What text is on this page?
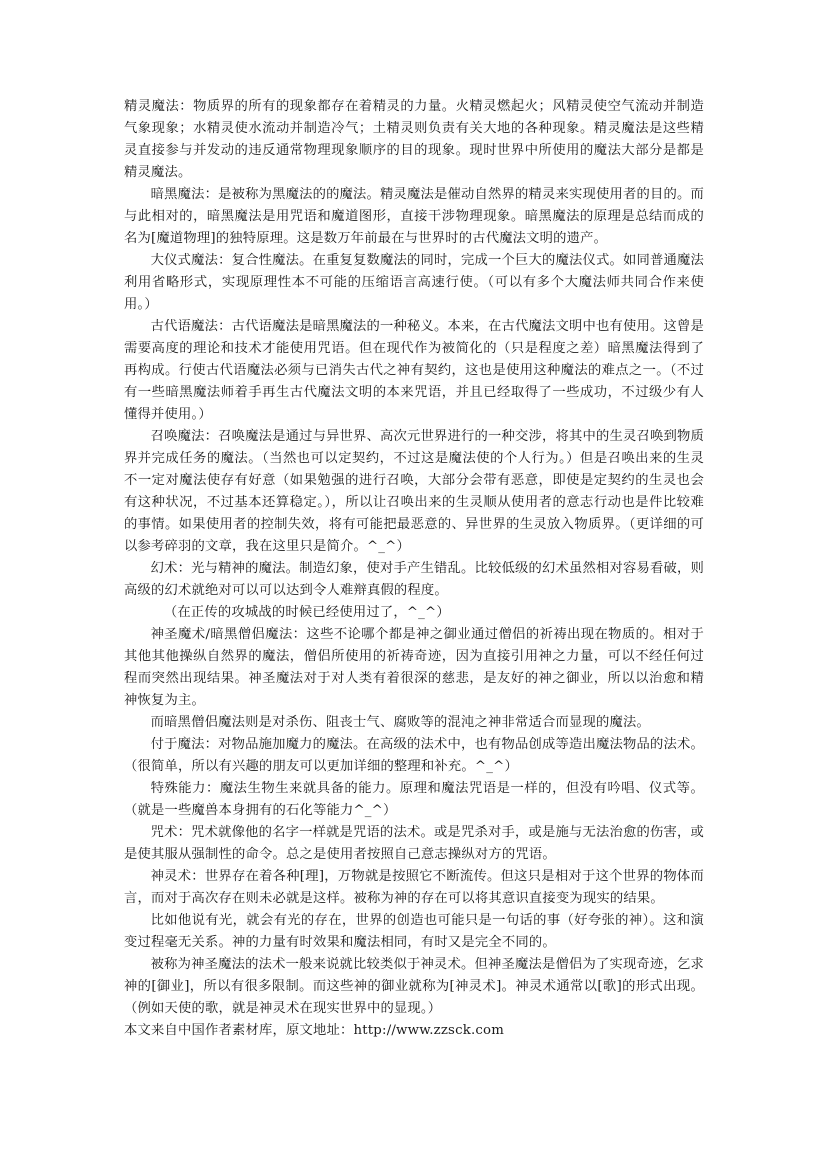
精灵魔法：物质界的所有的现象都存在着精灵的力量。火精灵燃起火；风精灵使空气流动并制造气象现象；水精灵使水流动并制造冷气；土精灵则负责有关大地的各种现象。精灵魔法是这些精灵直接参与并发动的违反通常物理现象顺序的目的现象。现时世界中所使用的魔法大部分是都是精灵魔法。

暗黑魔法：是被称为黑魔法的的魔法。精灵魔法是催动自然界的精灵来实现使用者的目的。而与此相对的，暗黑魔法是用咒语和魔道图形，直接干涉物理现象。暗黑魔法的原理是总结而成的名为[魔道物理]的独特原理。这是数万年前最在与世界时的古代魔法文明的遗产。

大仪式魔法：复合性魔法。在重复复数魔法的同时，完成一个巨大的魔法仪式。如同普通魔法利用省略形式，实现原理性本不可能的压缩语言高速行使。（可以有多个大魔法师共同合作来使用。）

古代语魔法：古代语魔法是暗黑魔法的一种秘义。本来，在古代魔法文明中也有使用。这曾是需要高度的理论和技术才能使用咒语。但在现代作为被简化的（只是程度之差）暗黑魔法得到了再构成。行使古代语魔法必须与已消失古代之神有契约，这也是使用这种魔法的难点之一。（不过有一些暗黑魔法师着手再生古代魔法文明的本来咒语，并且已经取得了一些成功，不过级少有人懂得并使用。）

召唤魔法：召唤魔法是通过与异世界、高次元世界进行的一种交涉，将其中的生灵召唤到物质界并完成任务的魔法。（当然也可以定契约，不过这是魔法使的个人行为。）但是召唤出来的生灵不一定对魔法使存有好意（如果勉强的进行召唤，大部分会带有恶意，即使是定契约的生灵也会有这种状况，不过基本还算稳定。），所以让召唤出来的生灵顺从使用者的意志行动也是件比较难的事情。如果使用者的控制失效，将有可能把最恶意的、异世界的生灵放入物质界。（更详细的可以参考碎羽的文章，我在这里只是简介。^_^）

幻术：光与精神的魔法。制造幻象，使对手产生错乱。比较低级的幻术虽然相对容易看破，则高级的幻术就绝对可以可以达到令人难辩真假的程度。

（在正传的攻城战的时候已经使用过了，^_^）

神圣魔术/暗黑僧侣魔法：这些不论哪个都是神之御业通过僧侣的祈祷出现在物质的。相对于其他其他操纵自然界的魔法，僧侣所使用的祈祷奇迹，因为直接引用神之力量，可以不经任何过程而突然出现结果。神圣魔法对于对人类有着很深的慈悲，是友好的神之御业，所以以治愈和精神恢复为主。

而暗黑僧侣魔法则是对杀伤、阻丧士气、腐败等的混沌之神非常适合而显现的魔法。

付于魔法：对物品施加魔力的魔法。在高级的法术中，也有物品创成等造出魔法物品的法术。（很简单，所以有兴趣的朋友可以更加详细的整理和补充。^_^）

特殊能力：魔法生物生来就具备的能力。原理和魔法咒语是一样的，但没有吟唱、仪式等。（就是一些魔兽本身拥有的石化等能力^_^）

咒术：咒术就像他的名字一样就是咒语的法术。或是咒杀对手，或是施与无法治愈的伤害，或是使其服从强制性的命令。总之是使用者按照自己意志操纵对方的咒语。

神灵术：世界存在着各种[理]，万物就是按照它不断流传。但这只是相对于这个世界的物体而言，而对于高次存在则未必就是这样。被称为神的存在可以将其意识直接变为现实的结果。

比如他说有光，就会有光的存在，世界的创造也可能只是一句话的事（好夸张的神）。这和演变过程毫无关系。神的力量有时效果和魔法相同，有时又是完全不同的。

被称为神圣魔法的法术一般来说就比较类似于神灵术。但神圣魔法是僧侣为了实现奇迹，乞求神的[御业]，所以有很多限制。而这些神的御业就称为[神灵术]。神灵术通常以[歌]的形式出现。（例如天使的歌，就是神灵术在现实世界中的显现。）

本文来自中国作者素材库，原文地址：http://www.zzsck.com
